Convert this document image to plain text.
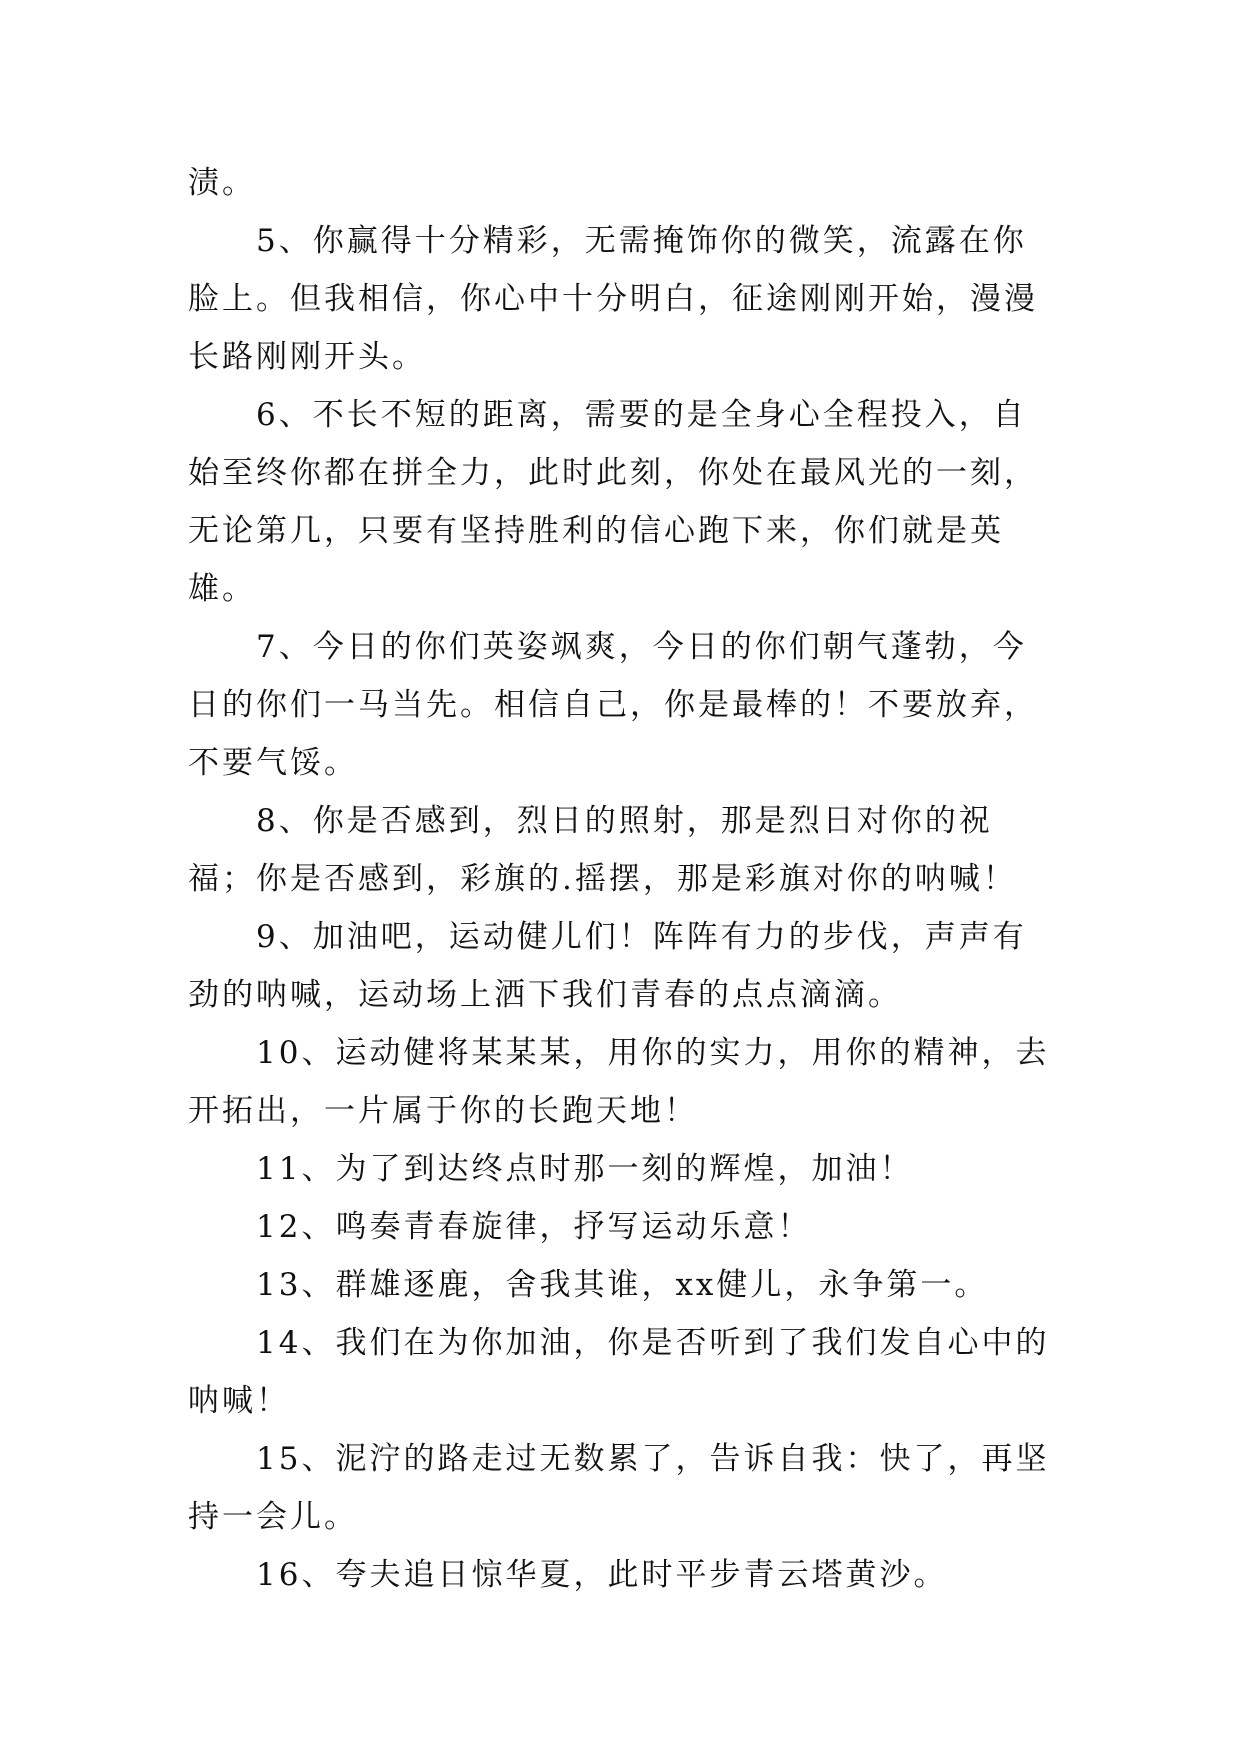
渍。

5、你赢得十分精彩，无需掩饰你的微笑，流露在你脸上。但我相信，你心中十分明白，征途刚刚开始，漫漫长路刚刚开头。

6、不长不短的距离，需要的是全身心全程投入，自始至终你都在拼全力，此时此刻，你处在最风光的一刻，无论第几，只要有坚持胜利的信心跑下来，你们就是英雄。

7、今日的你们英姿飒爽，今日的你们朝气蓬勃，今日的你们一马当先。相信自己，你是最棒的！不要放弃，不要气馁。

8、你是否感到，烈日的照射，那是烈日对你的祝福；你是否感到，彩旗的.摇摆，那是彩旗对你的呐喊！

9、加油吧，运动健儿们！阵阵有力的步伐，声声有劲的呐喊，运动场上洒下我们青春的点点滴滴。

10、运动健将某某某，用你的实力，用你的精神，去开拓出，一片属于你的长跑天地！

11、为了到达终点时那一刻的辉煌，加油！

12、鸣奏青春旋律，抒写运动乐意！

13、群雄逐鹿，舍我其谁，xx健儿，永争第一。

14、我们在为你加油，你是否听到了我们发自心中的呐喊！

15、泥泞的路走过无数累了，告诉自我：快了，再坚持一会儿。

16、夸夫追日惊华夏，此时平步青云塔黄沙。
